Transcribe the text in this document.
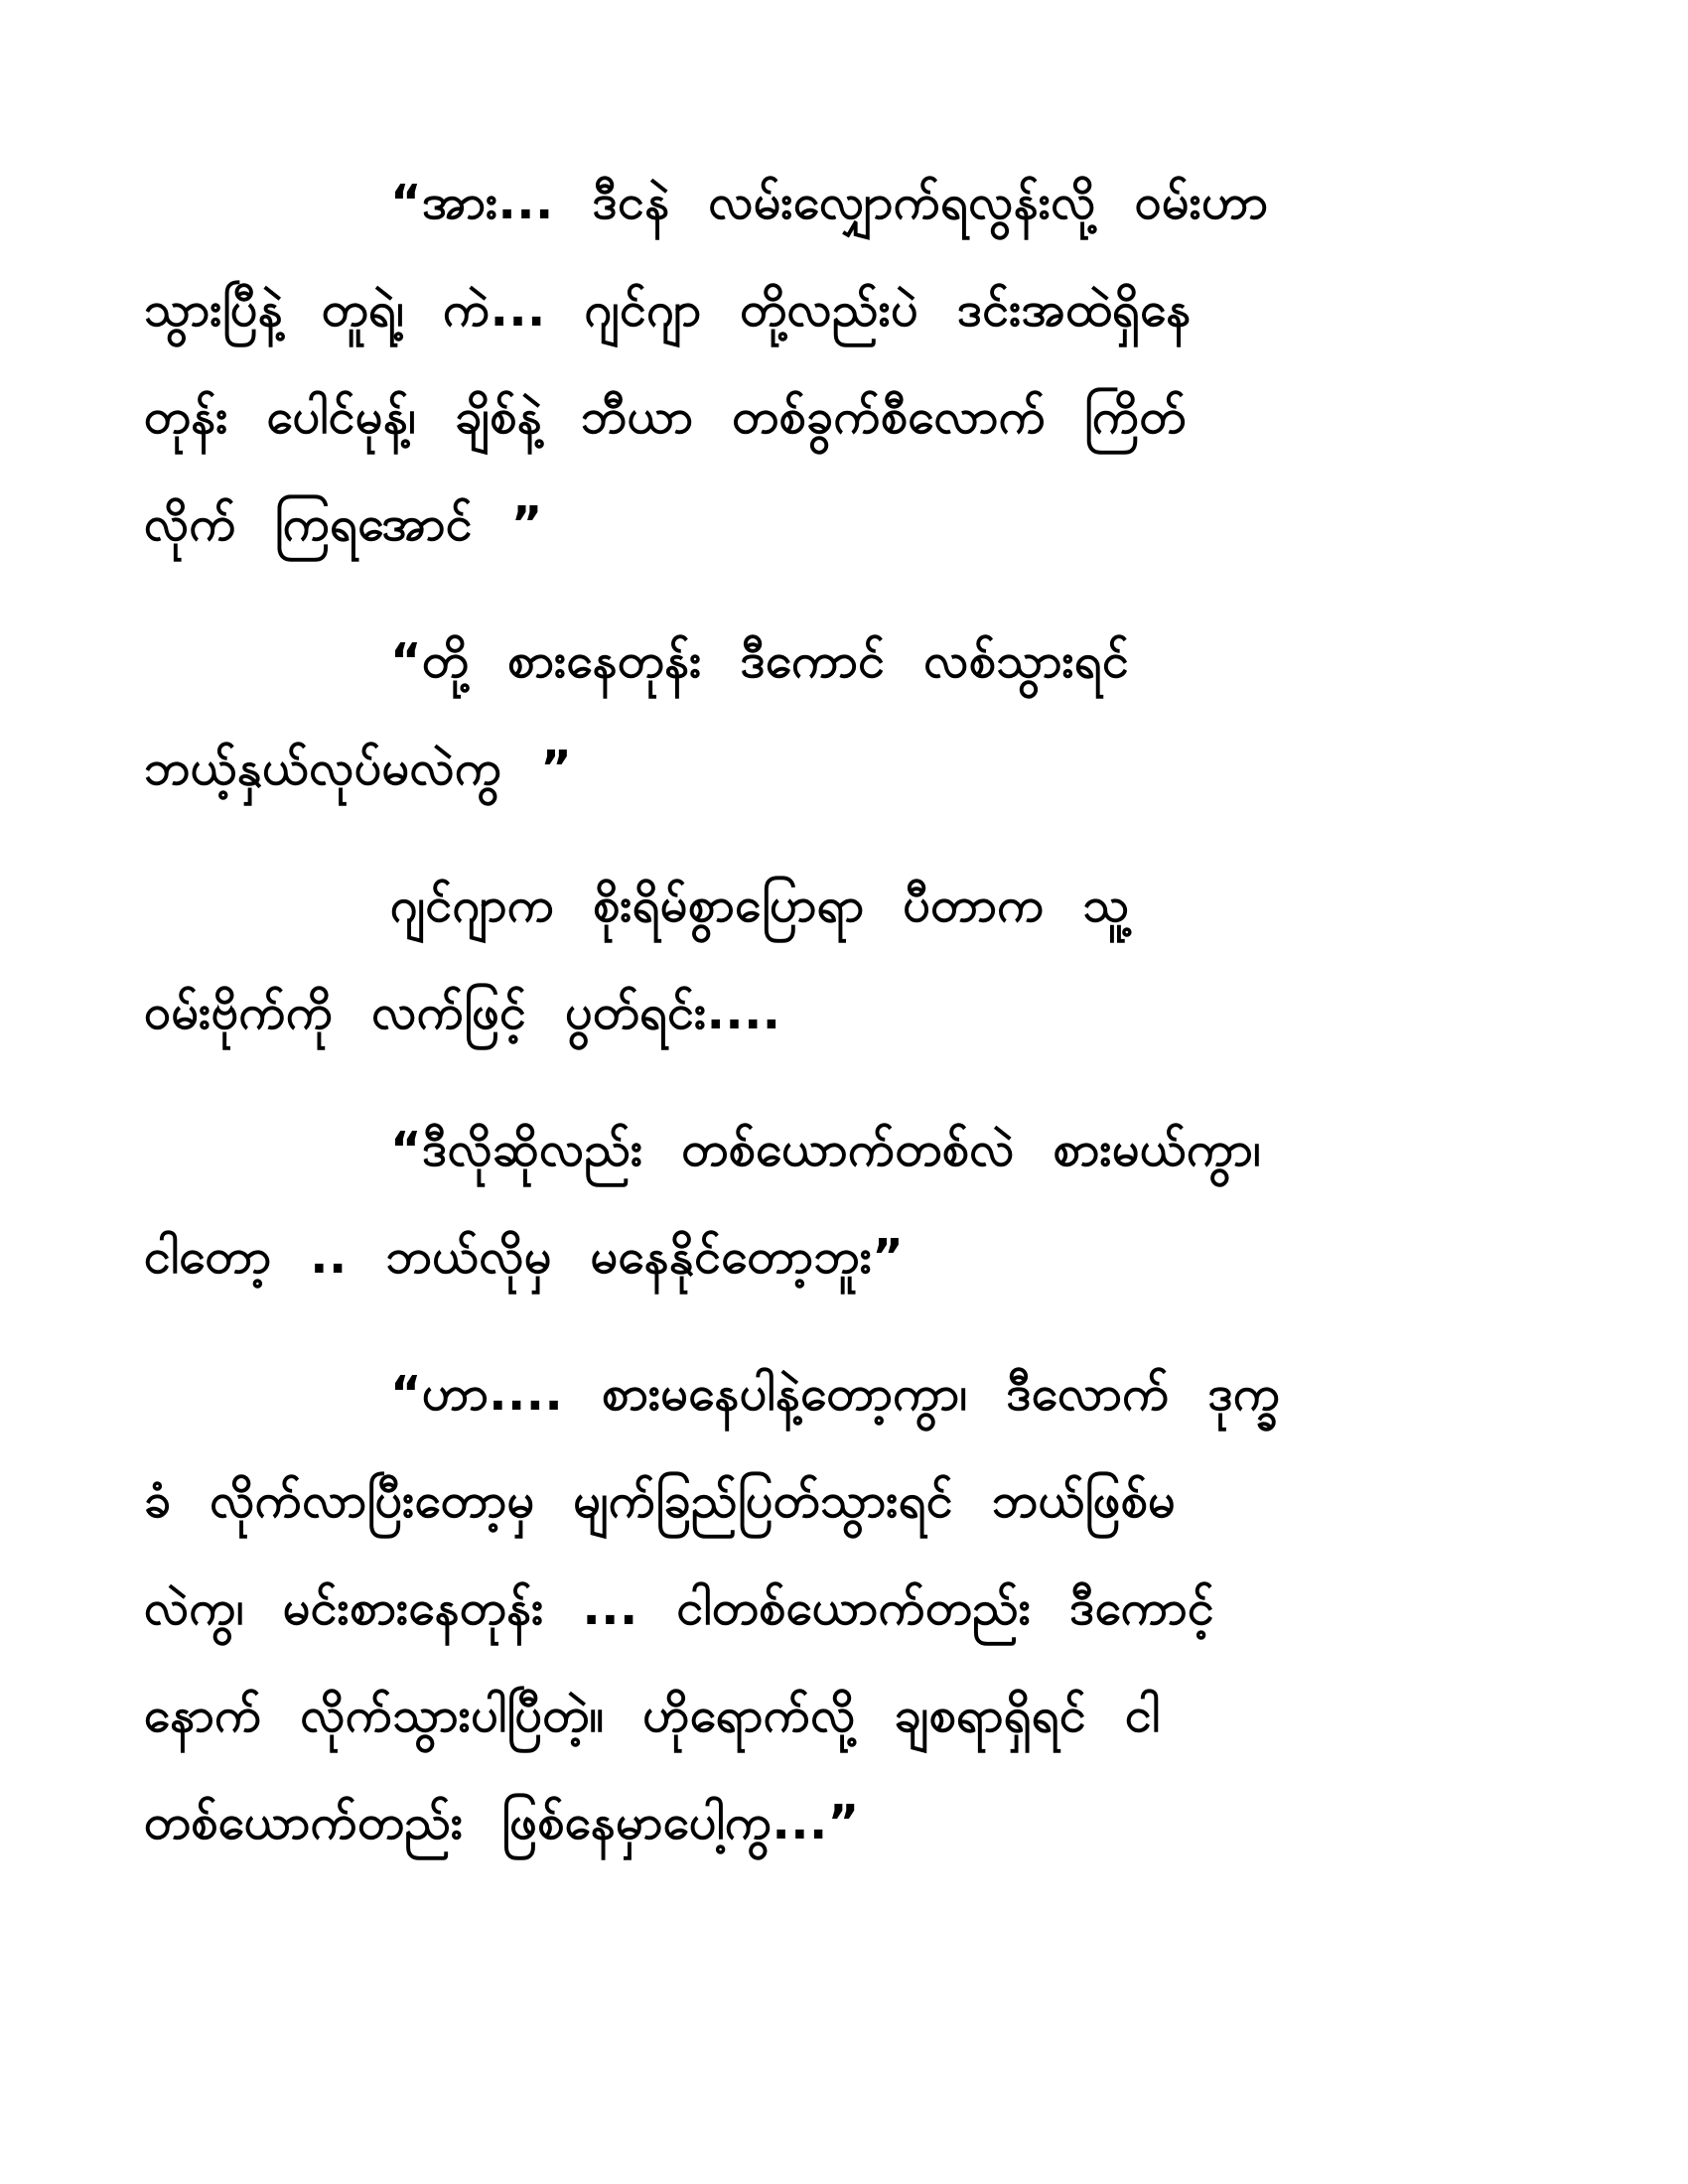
“အား... ဒီငနဲ လမ်းလျှောက်ရလွန်းလို့ ဝမ်းဟာ
သွားပြီနဲ့ တူရဲ့၊ ကဲ... ဂျင်ဂျာ တို့လည်းပဲ ဒင်းအထဲရှိနေ
တုန်း ပေါင်မုန့်၊ ချိစ်နဲ့ ဘီယာ တစ်ခွက်စီလောက် ကြိတ်
လိုက် ကြရအောင် ”
“တို့ စားနေတုန်း ဒီကောင် လစ်သွားရင်
ဘယ့်နှယ်လုပ်မလဲကွ ”
ဂျင်ဂျာက စိုးရိမ်စွာပြောရာ ပီတာက သူ့
ဝမ်းဗိုက်ကို လက်ဖြင့် ပွတ်ရင်း....
“ဒီလိုဆိုလည်း တစ်ယောက်တစ်လဲ စားမယ်ကွာ၊
ငါတော့ .. ဘယ်လိုမှ မနေနိုင်တော့ဘူး”
“ဟာ.... စားမနေပါနဲ့တော့ကွာ၊ ဒီလောက် ဒုက္ခ
ခံ လိုက်လာပြီးတော့မှ မျက်ခြည်ပြတ်သွားရင် ဘယ်ဖြစ်မ
လဲကွ၊ မင်းစားနေတုန်း ... ငါတစ်ယောက်တည်း ဒီကောင့်
နောက် လိုက်သွားပါပြီတဲ့။ ဟိုရောက်လို့ ချစရာရှိရင် ငါ
တစ်ယောက်တည်း ဖြစ်နေမှာပေါ့ကွ...”
